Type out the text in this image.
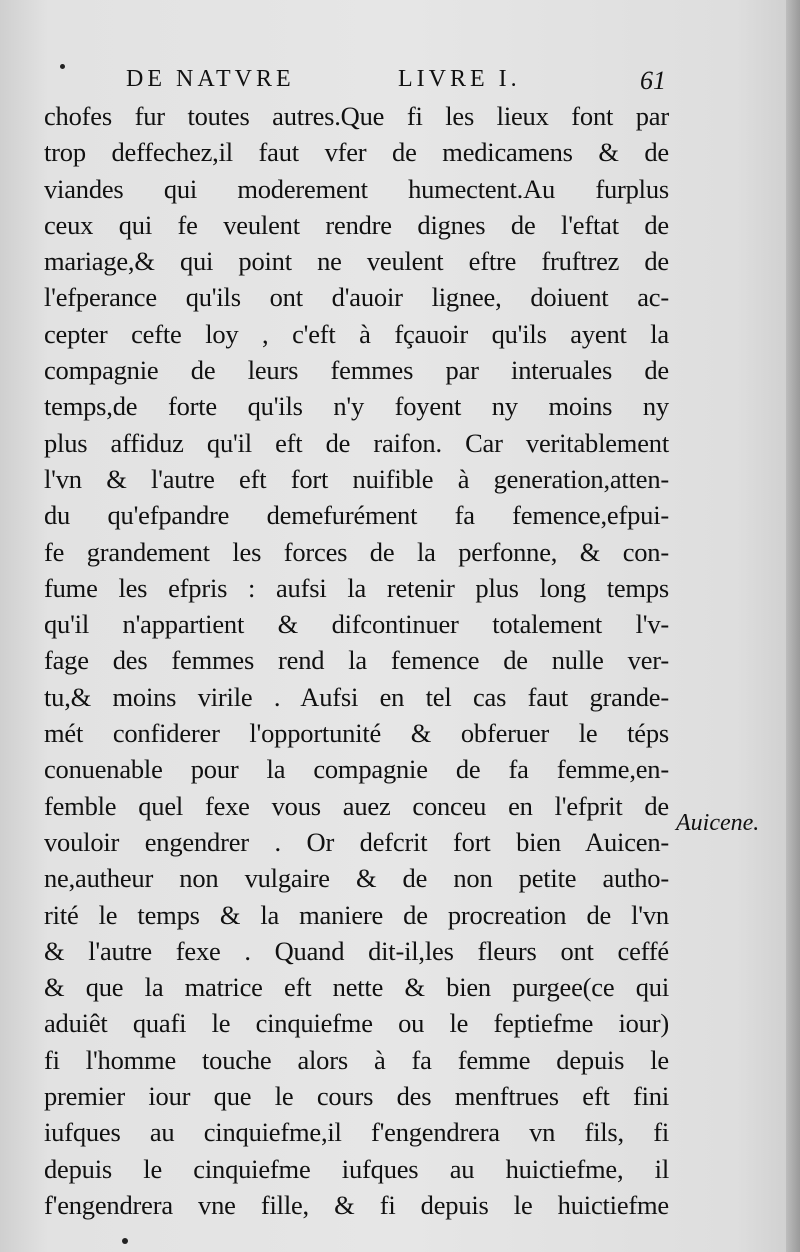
DE NATVRE	LIVRE I.	61
chofes fur toutes autres.Que fi les lieux font par
trop deffechez,il faut vfer de medicamens & de
viandes qui moderement humectent.Au furplus
ceux qui fe veulent rendre dignes de l'eftat de
mariage,& qui point ne veulent eftre fruftrez de
l'efperance qu'ils ont d'auoir lignee, doiuent ac-
cepter cefte loy , c'eft à fçauoir qu'ils ayent la
compagnie de leurs femmes par interuales de
temps,de forte qu'ils n'y foyent ny moins ny
plus affiduz qu'il eft de raifon. Car veritablement
l'vn & l'autre eft fort nuifible à generation,atten-
du qu'efpandre demefurément fa femence,efpui-
fe grandement les forces de la perfonne, & con-
fume les efpris : aufsi la retenir plus long temps
qu'il n'appartient & difcontinuer totalement l'v-
fage des femmes rend la femence de nulle ver-
tu,& moins virile . Aufsi en tel cas faut grande-
mét confiderer l'opportunité & obferuer le téps
conuenable pour la compagnie de fa femme,en-
femble quel fexe vous auez conceu en l'efprit de
vouloir engendrer . Or defcrit fort bien Auicen-
ne,autheur non vulgaire & de non petite autho-
rité le temps & la maniere de procreation de l'vn
& l'autre fexe . Quand dit-il,les fleurs ont ceffé
& que la matrice eft nette & bien purgee(ce qui
aduiêt quafi le cinquiefme ou le feptiefme iour)
fi l'homme touche alors à fa femme depuis le
premier iour que le cours des menftrues eft fini
iufques au cinquiefme,il f'engendrera vn fils, fi
depuis le cinquiefme iufques au huictiefme, il
f'engendrera vne fille, & fi depuis le huictiefme
Auicene.
